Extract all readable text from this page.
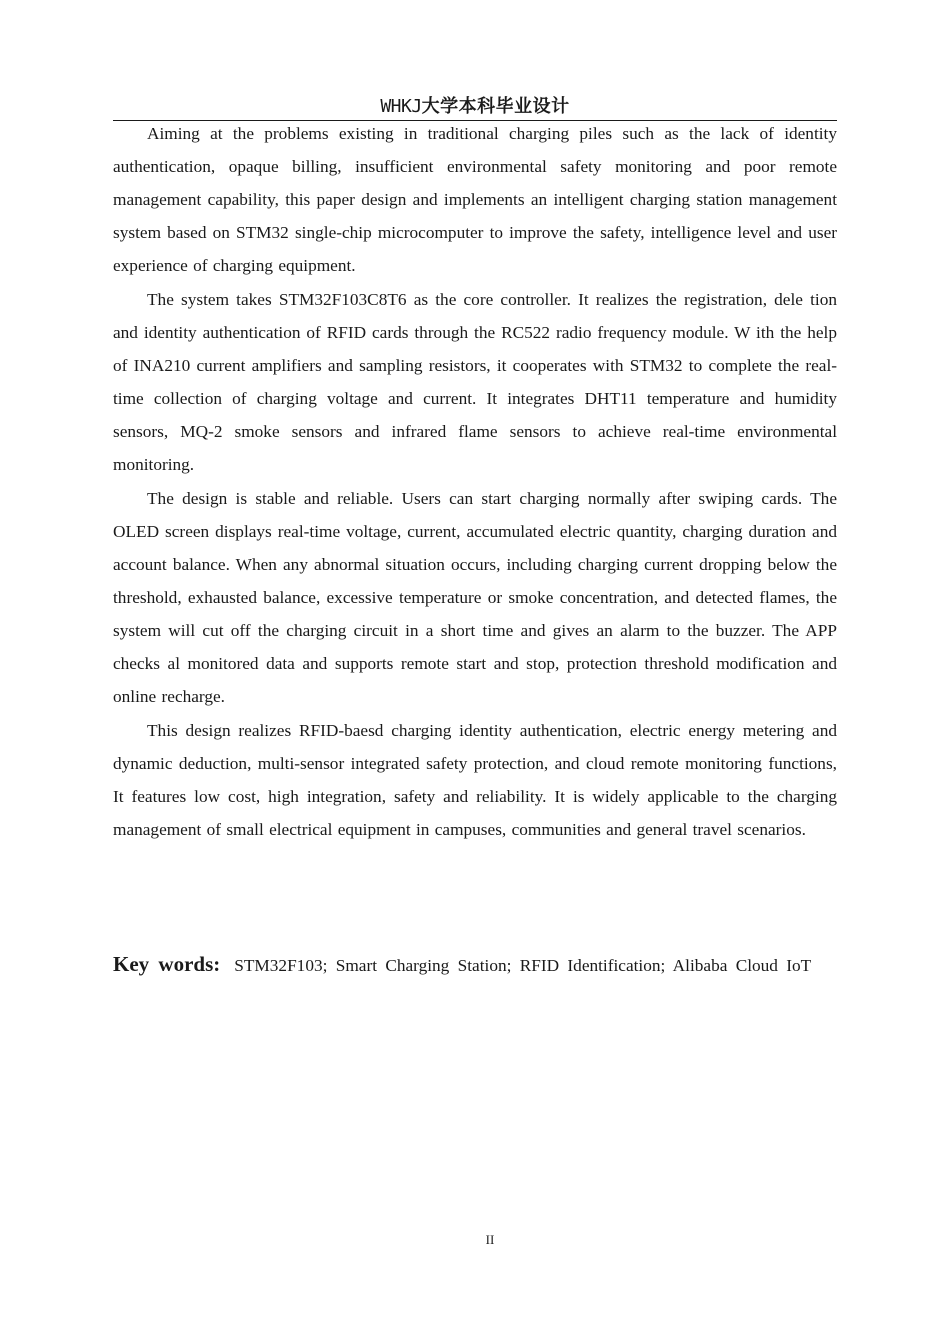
WHKJ大学本科毕业设计

Aiming at the problems existing in traditional charging piles such as the lack of identity authentication, opaque billing, insufficient environmental safety monitoring and poor remote management capability, this paper design and implements an intelligent charging station management system based on STM32 single-chip microcomputer to improve the safety, intelligence level and user experience of charging equipment.

The system takes STM32F103C8T6 as the core controller. It realizes the registration, dele tion and identity authentication of RFID cards through the RC522 radio frequency module. W ith the help of INA210 current amplifiers and sampling resistors, it cooperates with STM32 to complete the real-time collection of charging voltage and current. It integrates DHT11 temperature and humidity sensors, MQ-2 smoke sensors and infrared flame sensors to achieve real-time environmental monitoring.

The design is stable and reliable. Users can start charging normally after swiping cards. The OLED screen displays real-time voltage, current, accumulated electric quantity, charging duration and account balance. When any abnormal situation occurs, including charging current dropping below the threshold, exhausted balance, excessive temperature or smoke concentration, and detected flames, the system will cut off the charging circuit in a short time and gives an alarm to the buzzer. The APP checks al monitored data and supports remote start and stop, protection threshold modification and online recharge.

This design realizes RFID-baesd charging identity authentication, electric energy metering and dynamic deduction, multi-sensor integrated safety protection, and cloud remote monitoring functions, It features low cost, high integration, safety and reliability. It is widely applicable to the charging management of small electrical equipment in campuses, communities and general travel scenarios.

Key words: STM32F103; Smart Charging Station; RFID Identification; Alibaba Cloud IoT
II
